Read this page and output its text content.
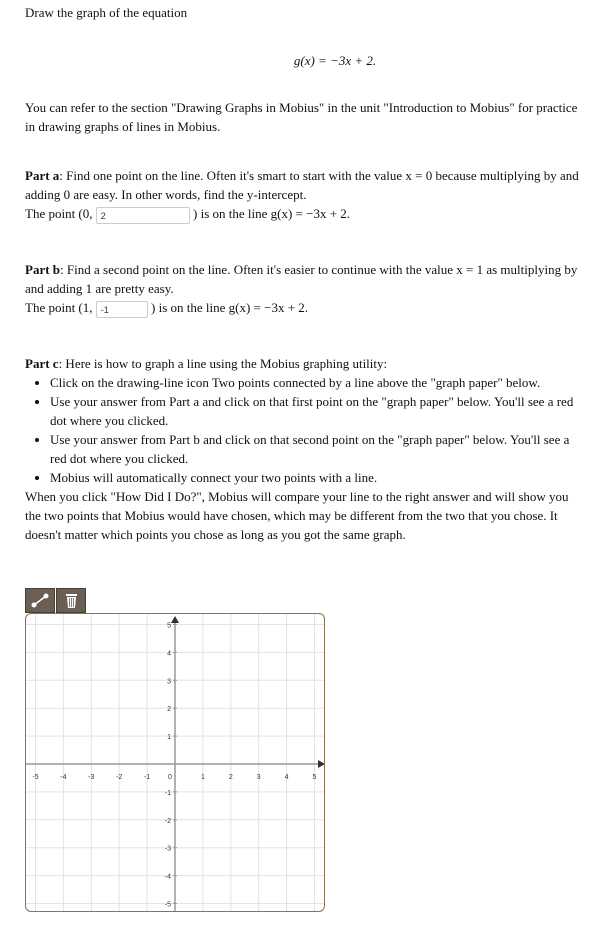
Draw the graph of the equation

g(x) = −3x + 2.

You can refer to the section "Drawing Graphs in Mobius" in the unit "Introduction to Mobius" for practice in drawing graphs of lines in Mobius.

Part a: Find one point on the line. Often it's smart to start with the value x = 0 because multiplying by and adding 0 are easy. In other words, find the y-intercept.
The point (0, 2	) is on the line g(x) = −3x + 2.
Part b: Find a second point on the line. Often it's easier to continue with the value x = 1 as multiplying by and adding 1 are pretty easy.
The point (1, -1	) is on the line g(x) = −3x + 2.
Part c: Here is how to graph a line using the Mobius graphing utility:
• Click on the drawing-line icon Two points connected by a line above the "graph paper" below.
• Use your answer from Part a and click on that first point on the "graph paper" below. You'll see a red dot where you clicked.
• Use your answer from Part b and click on that second point on the "graph paper" below. You'll see a red dot where you clicked.
• Mobius will automatically connect your two points with a line.
When you click "How Did I Do?", Mobius will compare your line to the right answer and will show you the two points that Mobius would have chosen, which may be different from the two that you chose. It doesn't matter which points you chose as long as you got the same graph.
-5	-4	-3	-2	-1	0	1	2	3	4	5
5
4
3
2
1
-1
-2
-3
-4
-5
